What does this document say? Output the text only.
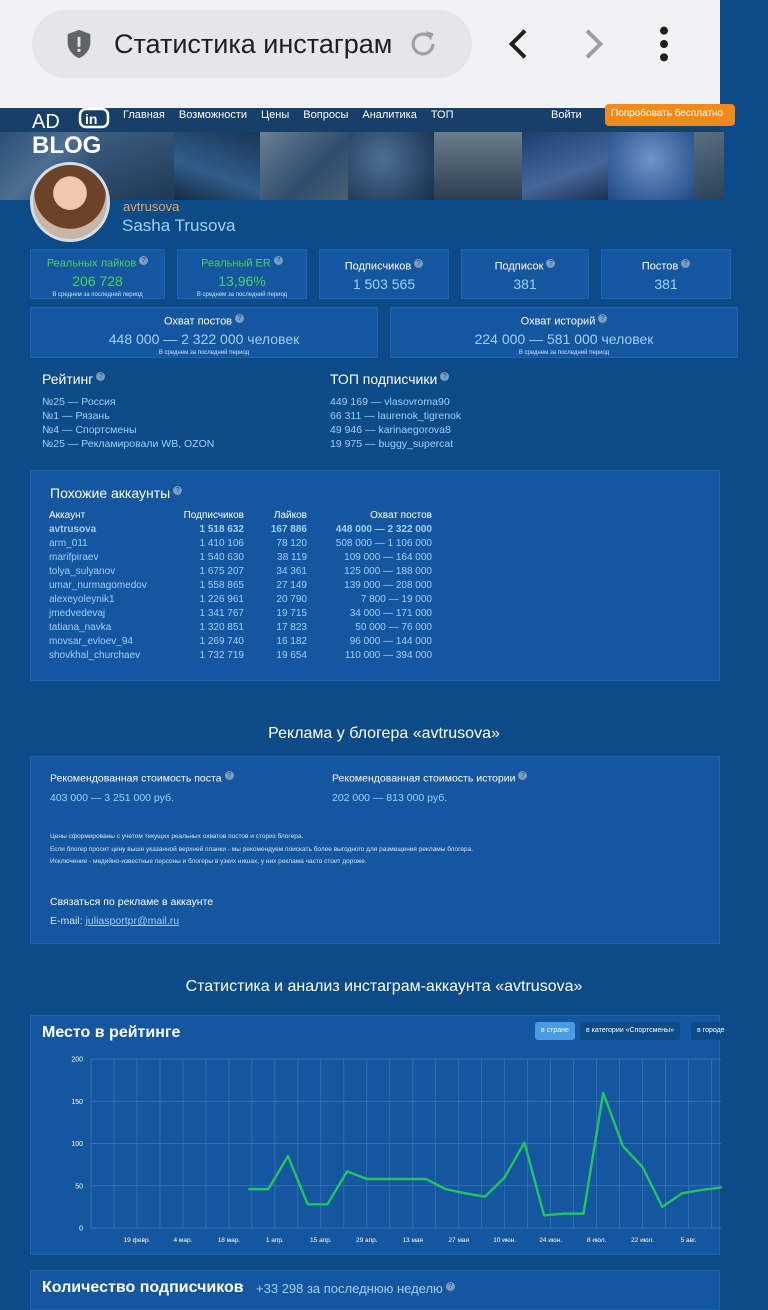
Статистика инстаграм
AD in
BLOG
Главная Возможности Цены Вопросы Аналитика ТОП	Войти	Попробовать бесплатно
avtrusova
Sasha Trusova
Реальных лайков ?
206 728
В среднем за последний период
Реальный ER ?
13,96%
В среднем за последний период
Подписчиков ?
1 503 565
Подписок ?
381
Постов ?
381
Охват постов ?
448 000 — 2 322 000 человек
В среднем за последний период
Охват историй ?
224 000 — 581 000 человек
В среднем за последний период
Рейтинг ?
№25 — Россия
№1 — Рязань
№4 — Спортсмены
№25 — Рекламировали WB, OZON
ТОП подписчики ?
449 169 — vlasovroma90
66 311 — laurenok_tigrenok
49 946 — karinaegorova8
19 975 — buggy_supercat
Похожие аккаунты ?
Аккаунт	Подписчиков	Лайков	Охват постов
avtrusova	1 518 632	167 886	448 000 — 2 322 000
arm_011	1 410 106	78 120	508 000 — 1 106 000
marifpiraev	1 540 630	38 119	109 000 — 164 000
tolya_sulyanov	1 675 207	34 361	125 000 — 188 000
umar_nurmagomedov	1 558 865	27 149	139 000 — 208 000
alexeyoleynik1	1 226 961	20 790	7 800 — 19 000
jmedvedevaj	1 341 767	19 715	34 000 — 171 000
tatiana_navka	1 320 851	17 823	50 000 — 76 000
movsar_evloev_94	1 269 740	16 182	96 000 — 144 000
shovkhal_churchaev	1 732 719	19 654	110 000 — 394 000
Реклама у блогера «avtrusova»
Рекомендованная стоимость поста ?
403 000 — 3 251 000 руб.
Рекомендованная стоимость истории ?
202 000 — 813 000 руб.
Цены сформированы с учетом текущих реальных охватов постов и сториз блогера.
Если блогер просит цену выше указанной верхней планки - мы рекомендуем поискать более выгодного для размещения рекламы блогера.
Исключение - медийно-известные персоны и блогеры в узких нишах, у них реклама часто стоит дороже.
Связаться по рекламе в аккаунте
E-mail: juliasportpr@mail.ru
Статистика и анализ инстаграм-аккаунта «avtrusova»
Место в рейтинге	в стране	в категории «Спортсмены»	в городе
0
50
100
150
200
19 февр.	4 мар.	18 мар.	1 апр.	15 апр.	29 апр.	13 мая	27 мая	10 июн.	24 июн.	8 июл.	22 июл.	5 авг.
Количество подписчиков +33 298 за последнюю неделю ?
